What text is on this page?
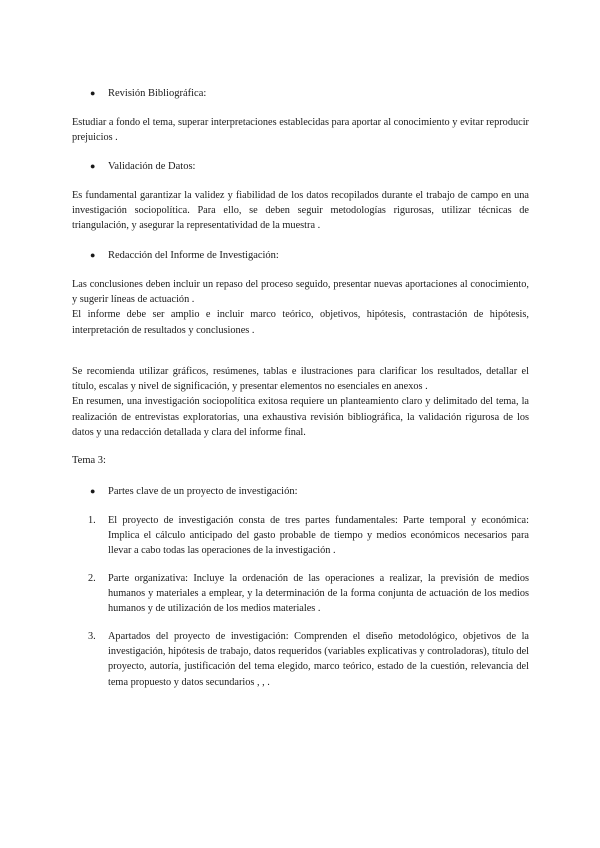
● Revisión Bibliográfica:

Estudiar a fondo el tema, superar interpretaciones establecidas para aportar al conocimiento y evitar reproducir prejuicios .

● Validación de Datos:

Es fundamental garantizar la validez y fiabilidad de los datos recopilados durante el trabajo de campo en una investigación sociopolítica. Para ello, se deben seguir metodologías rigurosas, utilizar técnicas de triangulación, y asegurar la representatividad de la muestra .

● Redacción del Informe de Investigación:

Las conclusiones deben incluir un repaso del proceso seguido, presentar nuevas aportaciones al conocimiento, y sugerir líneas de actuación .

El informe debe ser amplio e incluir marco teórico, objetivos, hipótesis, contrastación de hipótesis, interpretación de resultados y conclusiones .

Se recomienda utilizar gráficos, resúmenes, tablas e ilustraciones para clarificar los resultados, detallar el título, escalas y nivel de significación, y presentar elementos no esenciales en anexos .

En resumen, una investigación sociopolítica exitosa requiere un planteamiento claro y delimitado del tema, la realización de entrevistas exploratorias, una exhaustiva revisión bibliográfica, la validación rigurosa de los datos y una redacción detallada y clara del informe final.

Tema 3:
● Partes clave de un proyecto de investigación:
1. El proyecto de investigación consta de tres partes fundamentales: Parte temporal y económica: Implica el cálculo anticipado del gasto probable de tiempo y medios económicos necesarios para llevar a cabo todas las operaciones de la investigación .
2. Parte organizativa: Incluye la ordenación de las operaciones a realizar, la previsión de medios humanos y materiales a emplear, y la determinación de la forma conjunta de actuación de los medios humanos y de utilización de los medios materiales .
3. Apartados del proyecto de investigación: Comprenden el diseño metodológico, objetivos de la investigación, hipótesis de trabajo, datos requeridos (variables explicativas y controladoras), título del proyecto, autoría, justificación del tema elegido, marco teórico, estado de la cuestión, relevancia del tema propuesto y datos secundarios , , .
